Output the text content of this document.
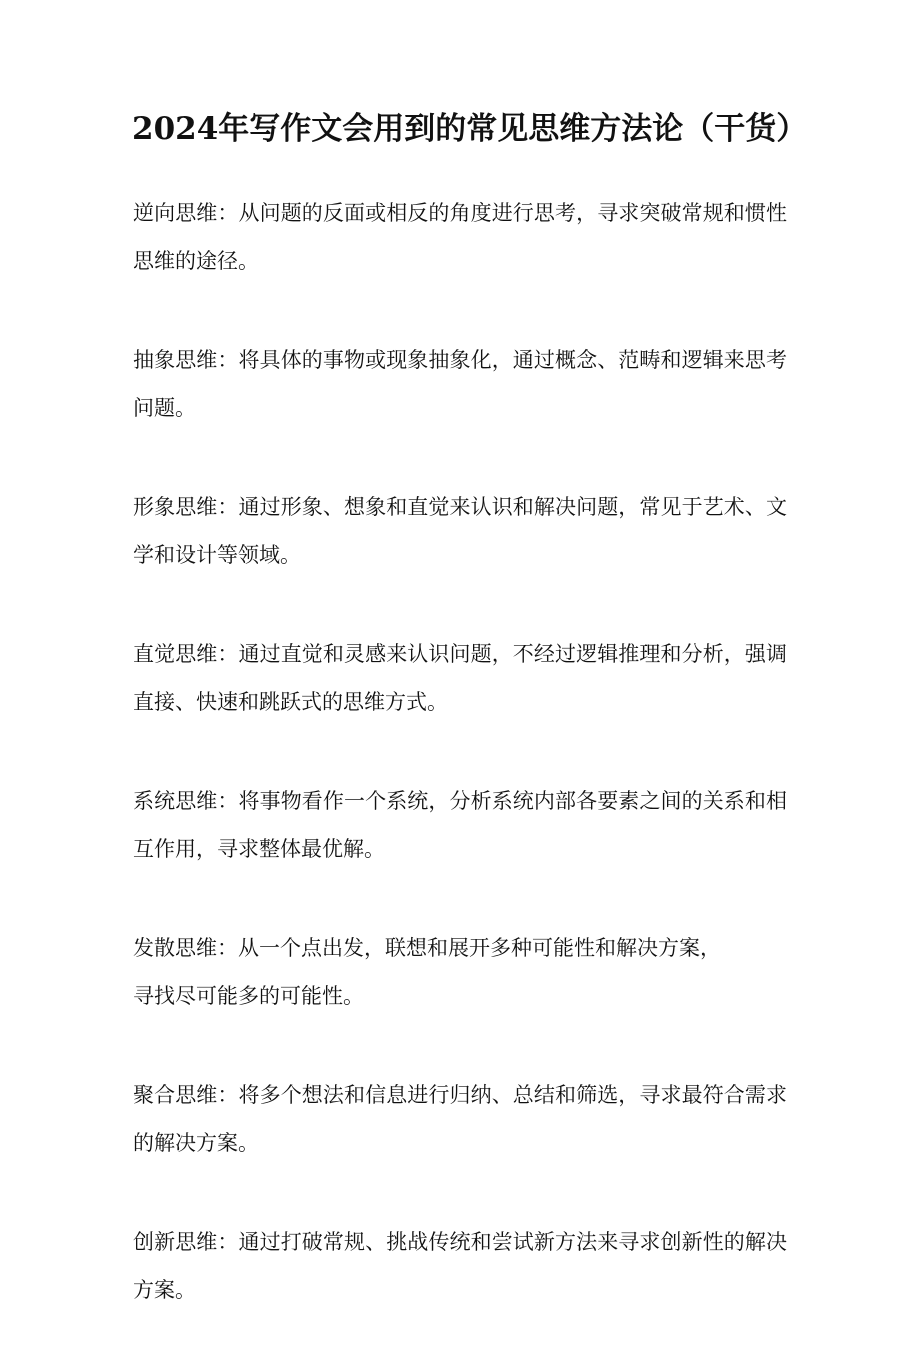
2024年写作文会用到的常见思维方法论（干货）
逆向思维：从问题的反面或相反的角度进行思考，寻求突破常规和惯性思维的途径。
抽象思维：将具体的事物或现象抽象化，通过概念、范畴和逻辑来思考问题。
形象思维：通过形象、想象和直觉来认识和解决问题，常见于艺术、文学和设计等领域。
直觉思维：通过直觉和灵感来认识问题，不经过逻辑推理和分析，强调直接、快速和跳跃式的思维方式。
系统思维：将事物看作一个系统，分析系统内部各要素之间的关系和相互作用，寻求整体最优解。
发散思维：从一个点出发，联想和展开多种可能性和解决方案，
寻找尽可能多的可能性。
聚合思维：将多个想法和信息进行归纳、总结和筛选，寻求最符合需求的解决方案。
创新思维：通过打破常规、挑战传统和尝试新方法来寻求创新性的解决方案。
